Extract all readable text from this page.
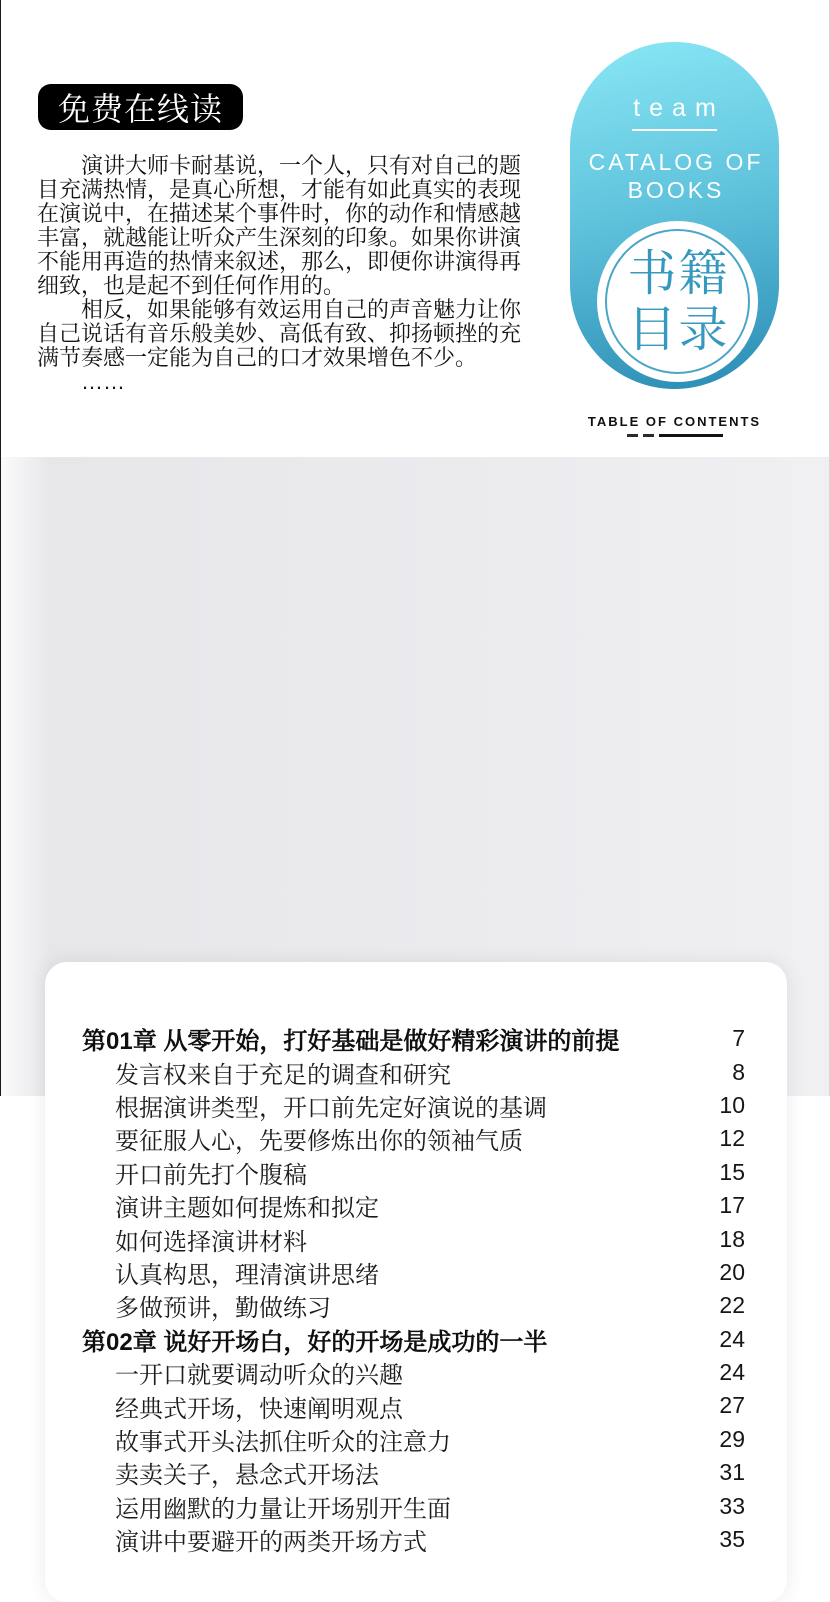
免费在线读
　　演讲大师卡耐基说，一个人，只有对自己的题
目充满热情，是真心所想，才能有如此真实的表现
在演说中，在描述某个事件时，你的动作和情感越
丰富，就越能让听众产生深刻的印象。如果你讲演
不能用再造的热情来叙述，那么，即便你讲演得再
细致，也是起不到任何作用的。
　　相反，如果能够有效运用自己的声音魅力让你
自己说话有音乐般美妙、高低有致、抑扬顿挫的充
满节奏感一定能为自己的口才效果增色不少。
　　……
team
CATALOG OF
BOOKS
书籍
目录
TABLE OF CONTENTS
第01章 从零开始，打好基础是做好精彩演讲的前提	7
发言权来自于充足的调查和研究	8
根据演讲类型，开口前先定好演说的基调	10
要征服人心，先要修炼出你的领袖气质	12
开口前先打个腹稿	15
演讲主题如何提炼和拟定	17
如何选择演讲材料	18
认真构思，理清演讲思绪	20
多做预讲，勤做练习	22
第02章 说好开场白，好的开场是成功的一半	24
一开口就要调动听众的兴趣	24
经典式开场，快速阐明观点	27
故事式开头法抓住听众的注意力	29
卖卖关子，悬念式开场法	31
运用幽默的力量让开场别开生面	33
演讲中要避开的两类开场方式	35
